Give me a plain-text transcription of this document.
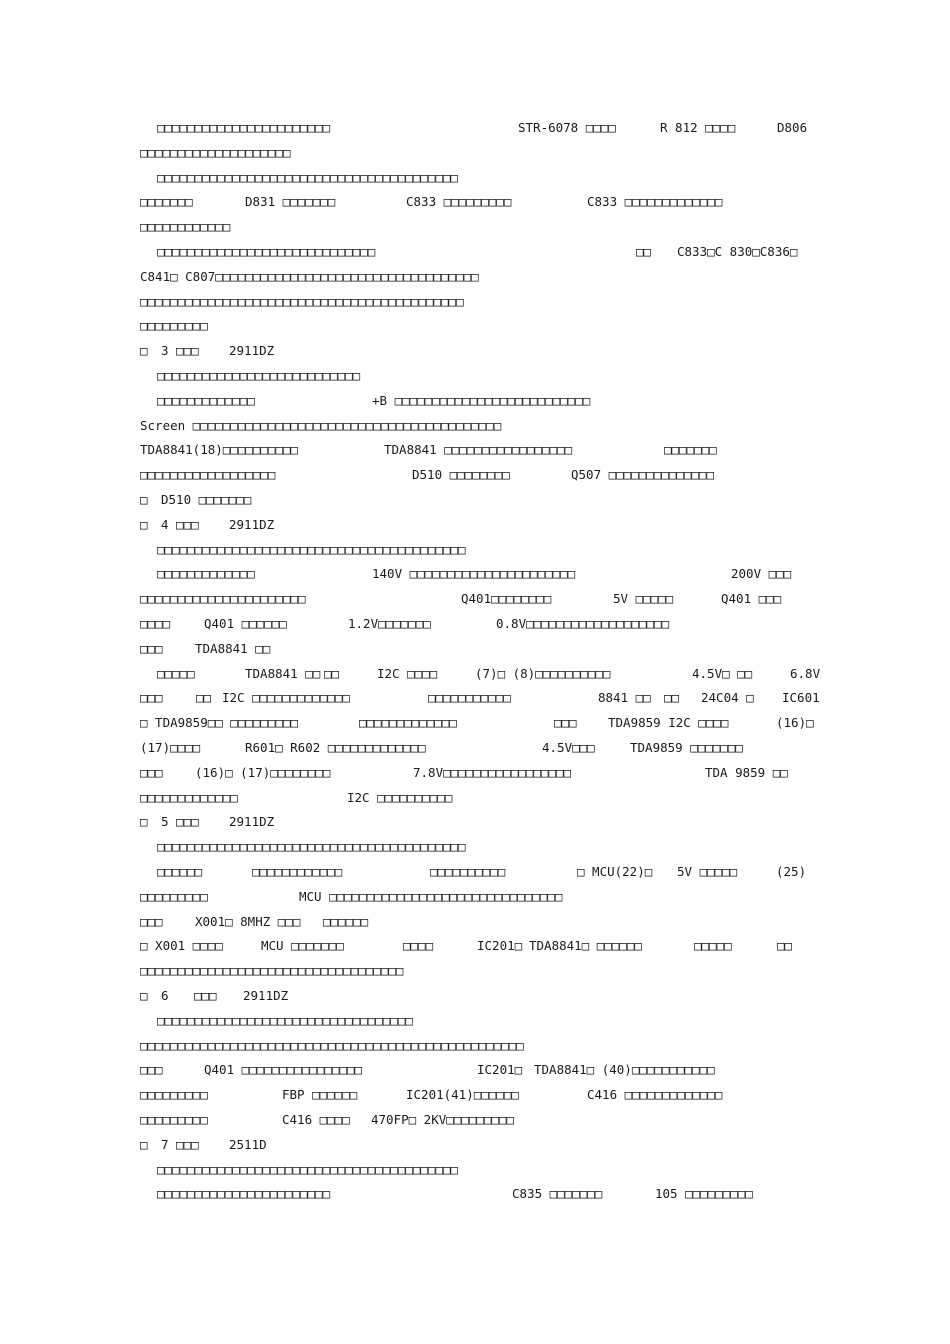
□□□□□□□□□□□□□□□□□□□□□□□	STR-6078 □□□□	R 812 □□□□	D806
□□□□□□□□□□□□□□□□□□□□
□□□□□□□□□□□□□□□□□□□□□□□□□□□□□□□□□□□□□□□□
□□□□□□□	D831 □□□□□□□	C833 □□□□□□□□□	C833 □□□□□□□□□□□□□
□□□□□□□□□□□□
□□□□□□□□□□□□□□□□□□□□□□□□□□□□□	□□ C833□C 830□C836□
C841□ C807□□□□□□□□□□□□□□□□□□□□□□□□□□□□□□□□□□□
□□□□□□□□□□□□□□□□□□□□□□□□□□□□□□□□□□□□□□□□□□□
□□□□□□□□□
□ 3 □□□ 2911DZ
□□□□□□□□□□□□□□□□□□□□□□□□□□□
□□□□□□□□□□□□□	+B □□□□□□□□□□□□□□□□□□□□□□□□□□
Screen □□□□□□□□□□□□□□□□□□□□□□□□□□□□□□□□□□□□□□□□□
TDA8841(18)□□□□□□□□□□	TDA8841 □□□□□□□□□□□□□□□□□	□□□□□□□
□□□□□□□□□□□□□□□□□□	D510 □□□□□□□□	Q507 □□□□□□□□□□□□□□
□ D510 □□□□□□□
□ 4 □□□ 2911DZ
□□□□□□□□□□□□□□□□□□□□□□□□□□□□□□□□□□□□□□□□□
□□□□□□□□□□□□□	140V □□□□□□□□□□□□□□□□□□□□□□	200V □□□
□□□□□□□□□□□□□□□□□□□□□□	Q401□□□□□□□□	5V □□□□□	Q401 □□□
□□□□	Q401 □□□□□□	1.2V□□□□□□□	0.8V□□□□□□□□□□□□□□□□□□□
□□□	TDA8841 □□
□□□□□	TDA8841 □□ □□	I2C □□□□	(7)□ (8)□□□□□□□□□□	4.5V□ □□	6.8V
□□□	□□ I2C □□□□□□□□□□□□□	□□□□□□□□□□□	8841 □□ □□ 24C04 □ IC601
□ TDA9859□□ □□□□□□□□□	□□□□□□□□□□□□□	□□□	TDA9859 I2C □□□□	(16)□
(17)□□□□	R601□ R602 □□□□□□□□□□□□□	4.5V□□□	TDA9859 □□□□□□□
□□□	(16)□ (17)□□□□□□□□	7.8V□□□□□□□□□□□□□□□□□	TDA 9859 □□
□□□□□□□□□□□□□	I2C □□□□□□□□□□
□ 5 □□□ 2911DZ
□□□□□□□□□□□□□□□□□□□□□□□□□□□□□□□□□□□□□□□□□
□□□□□□	□□□□□□□□□□□□	□□□□□□□□□□	□ MCU(22)□ 5V □□□□□	(25)
□□□□□□□□□	MCU □□□□□□□□□□□□□□□□□□□□□□□□□□□□□□□
□□□	X001□ 8MHZ □□□ □□□□□□
□ X001 □□□□	MCU □□□□□□□	□□□□	IC201□ TDA8841□ □□□□□□	□□□□□	□□
□□□□□□□□□□□□□□□□□□□□□□□□□□□□□□□□□□□
□ 6 □□□ 2911DZ
□□□□□□□□□□□□□□□□□□□□□□□□□□□□□□□□□□
□□□□□□□□□□□□□□□□□□□□□□□□□□□□□□□□□□□□□□□□□□□□□□□□□□□
□□□	Q401 □□□□□□□□□□□□□□□□	IC201□ TDA8841□ (40)□□□□□□□□□□□
□□□□□□□□□	FBP □□□□□□	IC201(41)□□□□□□	C416 □□□□□□□□□□□□□
□□□□□□□□□	C416 □□□□ 470FP□ 2KV□□□□□□□□□
□ 7 □□□ 2511D
□□□□□□□□□□□□□□□□□□□□□□□□□□□□□□□□□□□□□□□□
□□□□□□□□□□□□□□□□□□□□□□□	C835 □□□□□□□	105 □□□□□□□□□
